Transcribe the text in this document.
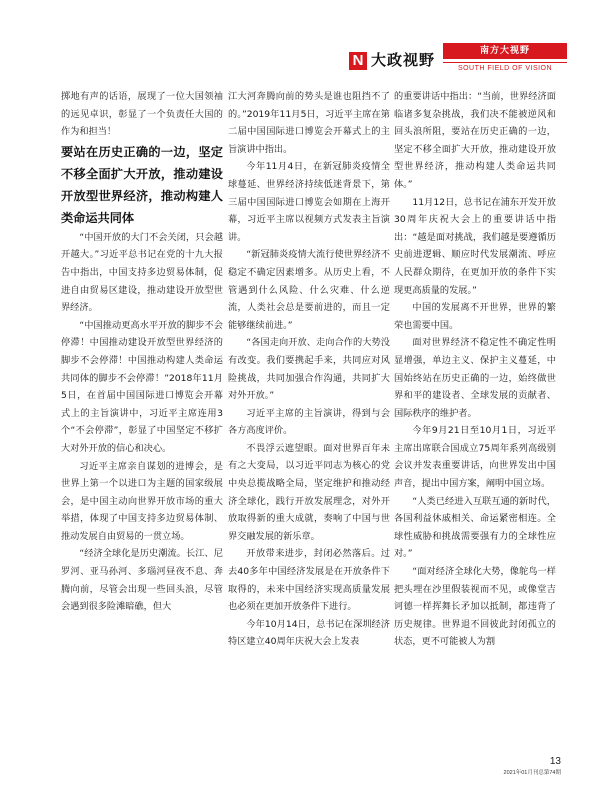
N 大政视野	南方大视野
SOUTH FIELD OF VISION

掷地有声的话语，展现了一位大国领袖的远见卓识，彰显了一个负责任大国的作为和担当！

要站在历史正确的一边，坚定不移全面扩大开放，推动建设开放型世界经济，推动构建人类命运共同体

“中国开放的大门不会关闭，只会越开越大。”习近平总书记在党的十九大报告中指出，中国支持多边贸易体制，促进自由贸易区建设，推动建设开放型世界经济。

“中国推动更高水平开放的脚步不会停滞！中国推动建设开放型世界经济的脚步不会停滞！中国推动构建人类命运共同体的脚步不会停滞！”2018年11月5日，在首届中国国际进口博览会开幕式上的主旨演讲中，习近平主席连用3个“不会停滞”，彰显了中国坚定不移扩大对外开放的信心和决心。

习近平主席亲自谋划的进博会，是世界上第一个以进口为主题的国家级展会，是中国主动向世界开放市场的重大举措，体现了中国支持多边贸易体制、推动发展自由贸易的一贯立场。

“经济全球化是历史潮流。长江、尼罗河、亚马孙河、多瑙河昼夜不息、奔腾向前，尽管会出现一些回头浪，尽管会遇到很多险滩暗礁，但大

江大河奔腾向前的势头是谁也阻挡不了的。”2019年11月5日，习近平主席在第二届中国国际进口博览会开幕式上的主旨演讲中指出。

今年11月4日，在新冠肺炎疫情全球蔓延、世界经济持续低迷背景下，第三届中国国际进口博览会如期在上海开幕，习近平主席以视频方式发表主旨演讲。

“新冠肺炎疫情大流行使世界经济不稳定不确定因素增多。从历史上看，不管遇到什么风险、什么灾难、什么逆流，人类社会总是要前进的，而且一定能够继续前进。”

“各国走向开放、走向合作的大势没有改变。我们要携起手来，共同应对风险挑战，共同加强合作沟通，共同扩大对外开放。”

习近平主席的主旨演讲，得到与会各方高度评价。

不畏浮云遮望眼。面对世界百年未有之大变局，以习近平同志为核心的党中央总揽战略全局，坚定维护和推动经济全球化，践行开放发展理念，对外开放取得新的重大成就，奏响了中国与世界交融发展的新乐章。

开放带来进步，封闭必然落后。过去40多年中国经济发展是在开放条件下取得的，未来中国经济实现高质量发展也必须在更加开放条件下进行。

今年10月14日，总书记在深圳经济特区建立40周年庆祝大会上发表

的重要讲话中指出：“当前，世界经济面临诸多复杂挑战，我们决不能被逆风和回头浪所阻，要站在历史正确的一边，坚定不移全面扩大开放，推动建设开放型世界经济，推动构建人类命运共同体。”

11月12日，总书记在浦东开发开放30周年庆祝大会上的重要讲话中指出：“越是面对挑战，我们越是要遵循历史前进逻辑、顺应时代发展潮流、呼应人民群众期待，在更加开放的条件下实现更高质量的发展。”

中国的发展离不开世界，世界的繁荣也需要中国。

面对世界经济不稳定性不确定性明显增强，单边主义、保护主义蔓延，中国始终站在历史正确的一边，始终做世界和平的建设者、全球发展的贡献者、国际秩序的维护者。

今年9月21日至10月1日，习近平主席出席联合国成立75周年系列高级别会议并发表重要讲话，向世界发出中国声音，提出中国方案，阐明中国立场。

“人类已经进入互联互通的新时代，各国利益休戚相关、命运紧密相连。全球性威胁和挑战需要强有力的全球性应对。”

“面对经济全球化大势，像鸵鸟一样把头埋在沙里假装视而不见，或像堂吉诃德一样挥舞长矛加以抵制，都违背了历史规律。世界退不回彼此封闭孤立的状态，更不可能被人为割

13
2021年01月刊总第74期
